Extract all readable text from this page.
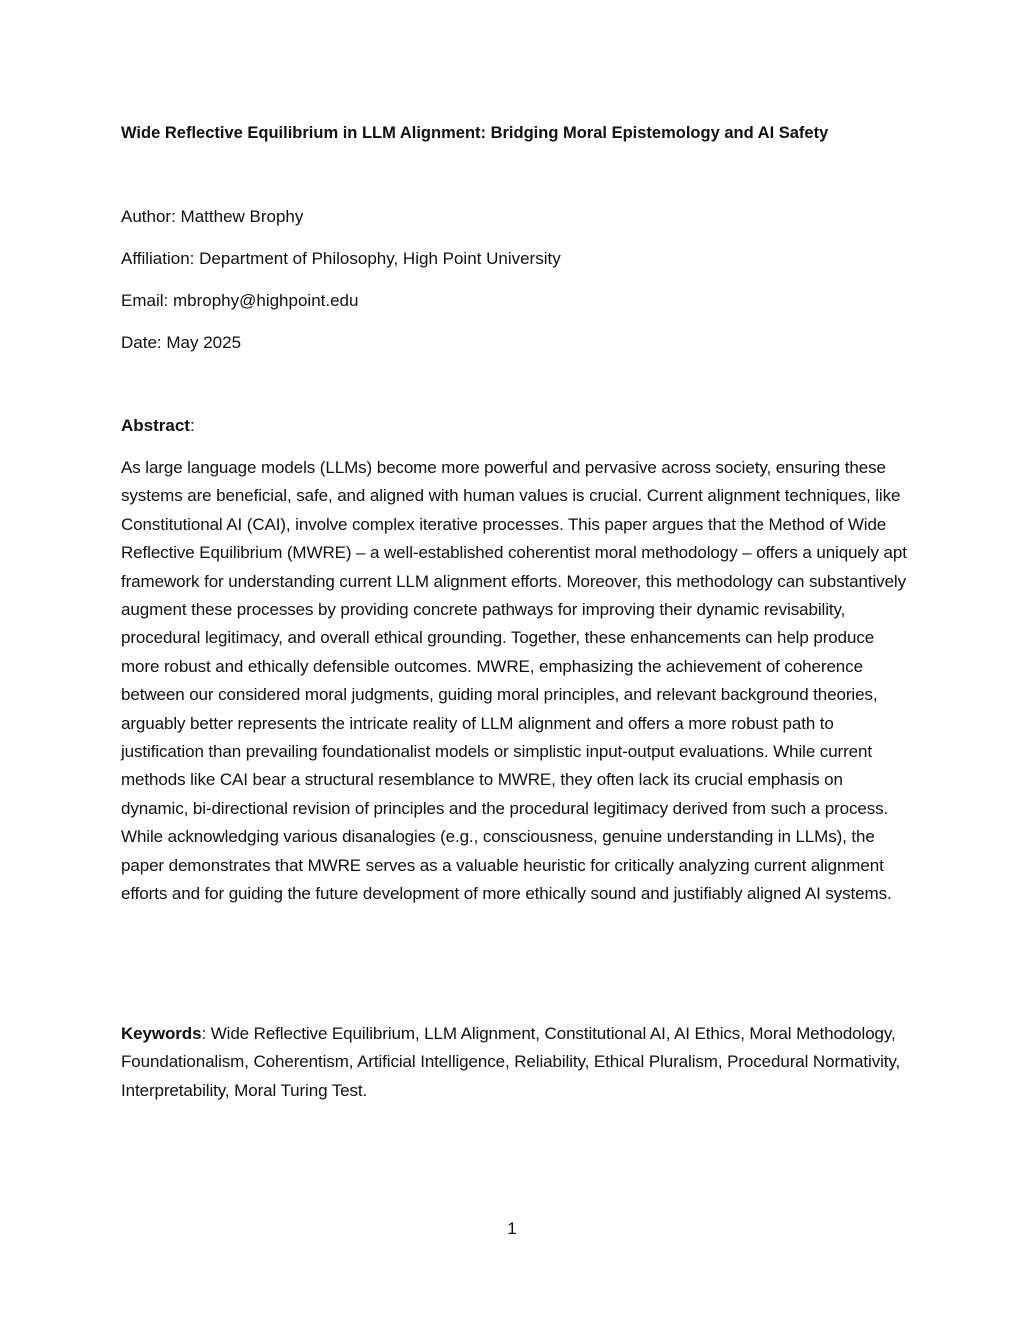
Wide Reflective Equilibrium in LLM Alignment: Bridging Moral Epistemology and AI Safety

Author: Matthew Brophy

Affiliation: Department of Philosophy, High Point University

Email: mbrophy@highpoint.edu

Date: May 2025

Abstract:

As large language models (LLMs) become more powerful and pervasive across society, ensuring these systems are beneficial, safe, and aligned with human values is crucial. Current alignment techniques, like Constitutional AI (CAI), involve complex iterative processes. This paper argues that the Method of Wide Reflective Equilibrium (MWRE) – a well-established coherentist moral methodology – offers a uniquely apt framework for understanding current LLM alignment efforts. Moreover, this methodology can substantively augment these processes by providing concrete pathways for improving their dynamic revisability, procedural legitimacy, and overall ethical grounding. Together, these enhancements can help produce more robust and ethically defensible outcomes. MWRE, emphasizing the achievement of coherence between our considered moral judgments, guiding moral principles, and relevant background theories, arguably better represents the intricate reality of LLM alignment and offers a more robust path to justification than prevailing foundationalist models or simplistic input-output evaluations. While current methods like CAI bear a structural resemblance to MWRE, they often lack its crucial emphasis on dynamic, bi-directional revision of principles and the procedural legitimacy derived from such a process. While acknowledging various disanalogies (e.g., consciousness, genuine understanding in LLMs), the paper demonstrates that MWRE serves as a valuable heuristic for critically analyzing current alignment efforts and for guiding the future development of more ethically sound and justifiably aligned AI systems.

Keywords: Wide Reflective Equilibrium, LLM Alignment, Constitutional AI, AI Ethics, Moral Methodology, Foundationalism, Coherentism, Artificial Intelligence, Reliability, Ethical Pluralism, Procedural Normativity, Interpretability, Moral Turing Test.

1
